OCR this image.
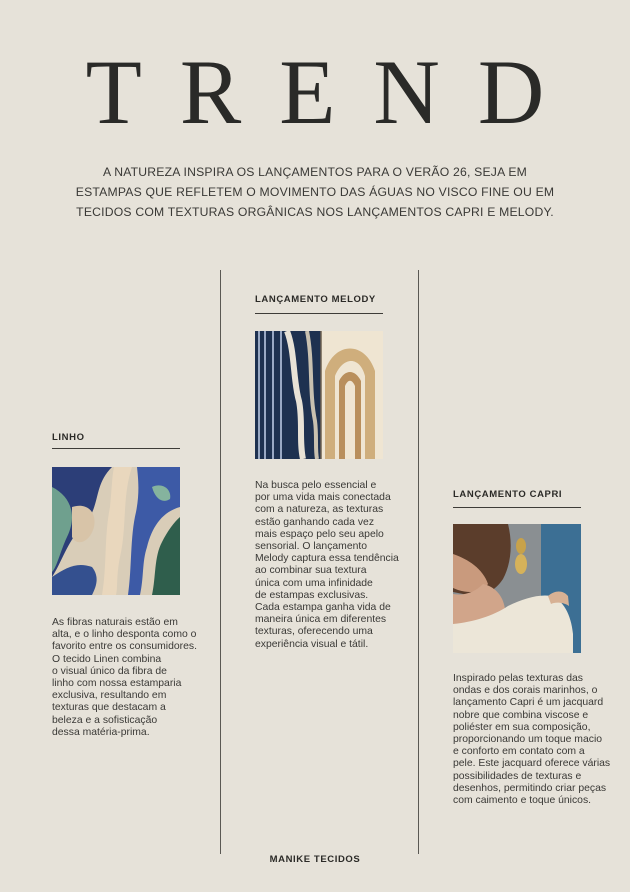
TREND

A NATUREZA INSPIRA OS LANÇAMENTOS PARA O VERÃO 26, SEJA EM ESTAMPAS QUE REFLETEM O MOVIMENTO DAS ÁGUAS NO VISCO FINE OU EM TECIDOS COM TEXTURAS ORGÂNICAS NOS LANÇAMENTOS CAPRI E MELODY.

LINHO
As fibras naturais estão em
alta, e o linho desponta como o
favorito entre os consumidores.
O tecido Linen combina
o visual único da fibra de
linho com nossa estamparia
exclusiva, resultando em
texturas que destacam a
beleza e a sofisticação
dessa matéria-prima.
LANÇAMENTO MELODY
Na busca pelo essencial e
por uma vida mais conectada
com a natureza, as texturas
estão ganhando cada vez
mais espaço pelo seu apelo
sensorial. O lançamento
Melody captura essa tendência
ao combinar sua textura
única com uma infinidade
de estampas exclusivas.
Cada estampa ganha vida de
maneira única em diferentes
texturas, oferecendo uma
experiência visual e tátil.
LANÇAMENTO CAPRI
Inspirado pelas texturas das
ondas e dos corais marinhos, o
lançamento Capri é um jacquard
nobre que combina viscose e
poliéster em sua composição,
proporcionando um toque macio
e conforto em contato com a
pele. Este jacquard oferece várias
possibilidades de texturas e
desenhos, permitindo criar peças
com caimento e toque únicos.
MANIKE TECIDOS
